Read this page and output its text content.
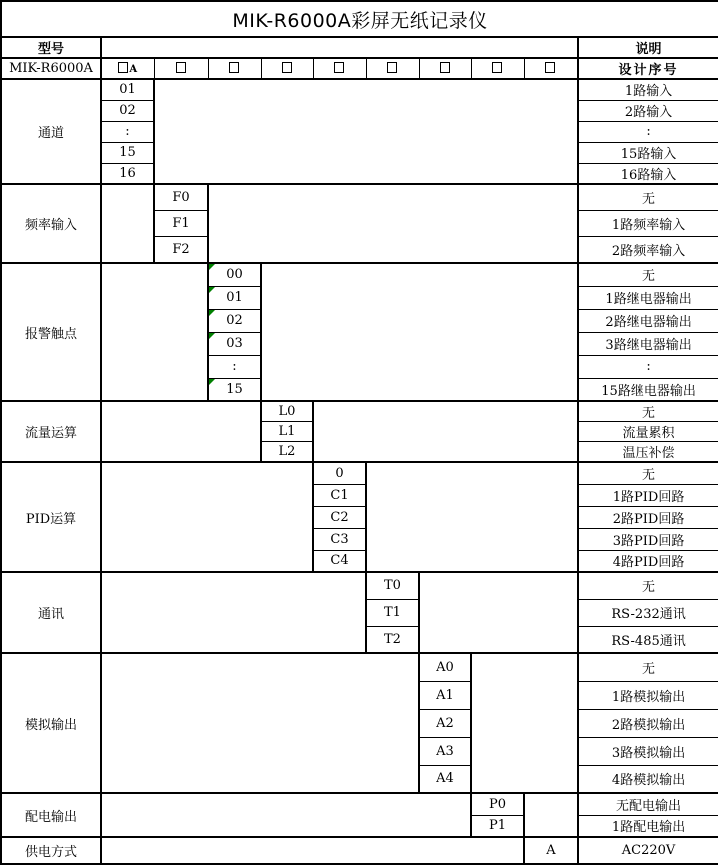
MIK-R6000A彩屏无纸记录仪										
型号										说明
MIK-R6000A	A									设计序号
通道	01									1路输入
	02									2路输入
	:									:
	15									15路输入
	16									16路输入
频率输入		F0								无
		F1								1路频率输入
		F2								2路频率输入
报警触点			00							无
			01							1路继电器输出
			02							2路继电器输出
			03							3路继电器输出
			:							:
			15							15路继电器输出
流量运算				L0						无
				L1						流量累积
				L2						温压补偿
PID运算					0					无
					C1					1路PID回路
					C2					2路PID回路
					C3					3路PID回路
					C4					4路PID回路
通讯						T0				无
						T1				RS-232通讯
						T2				RS-485通讯
模拟输出							A0			无
							A1			1路模拟输出
							A2			2路模拟输出
							A3			3路模拟输出
							A4			4路模拟输出
配电输出								P0		无配电输出
								P1		1路配电输出
供电方式									A	AC220V
